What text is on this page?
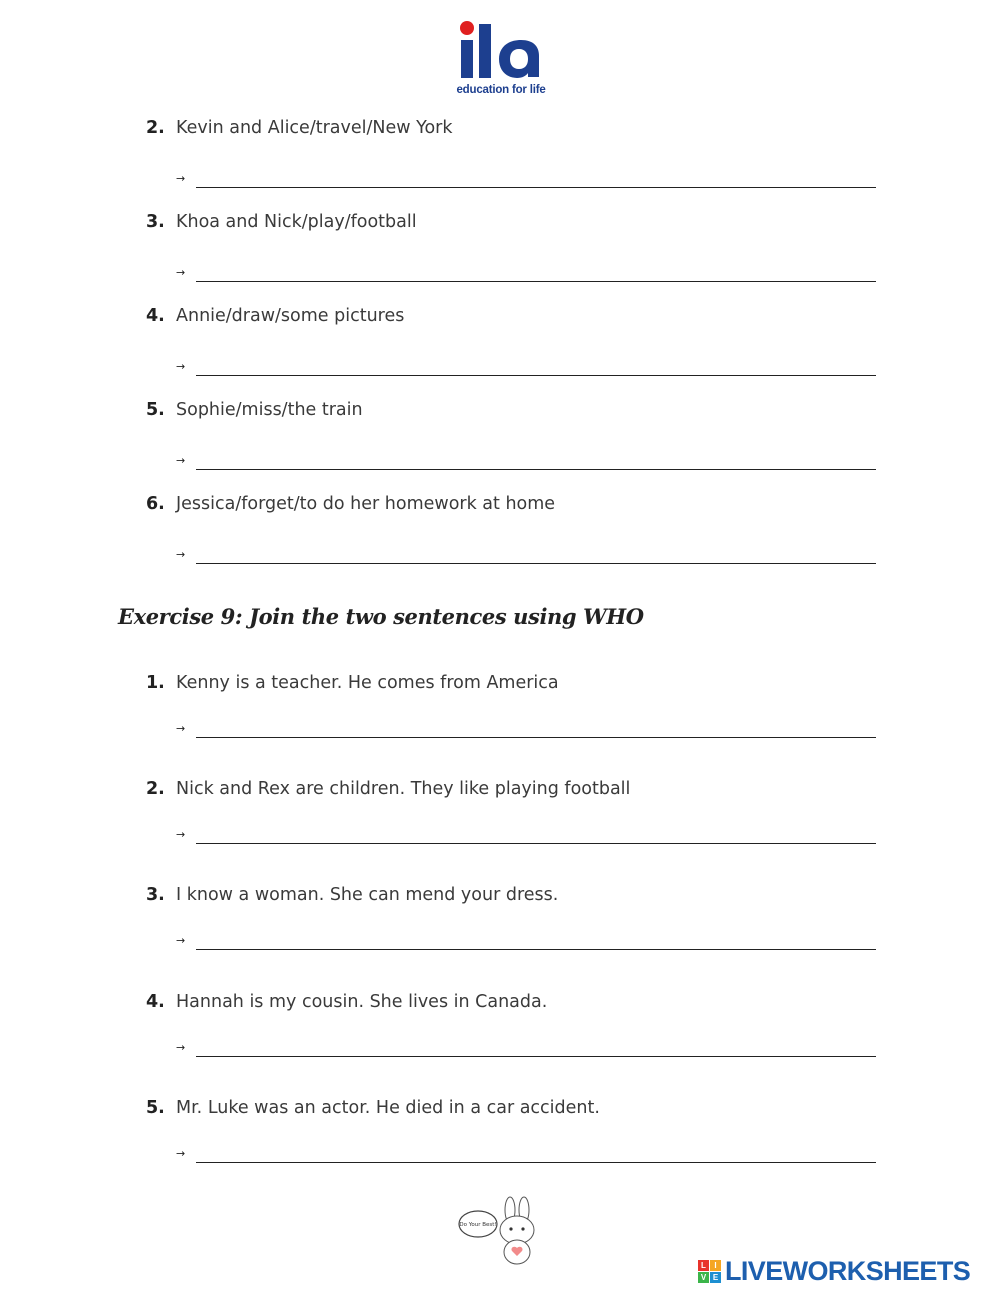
education for life
2. Kevin and Alice/travel/New York
→
3. Khoa and Nick/play/football
→
4. Annie/draw/some pictures
→
5. Sophie/miss/the train
→
6. Jessica/forget/to do her homework at home
→
Exercise 9: Join the two sentences using WHO
1. Kenny is a teacher. He comes from America
→
2. Nick and Rex are children. They like playing football
→
3. I know a woman. She can mend your dress.
→
4. Hannah is my cousin. She lives in Canada.
→
5. Mr. Luke was an actor. He died in a car accident.
→
Do Your Best!
L	I
V E LIVEWORKSHEETS
